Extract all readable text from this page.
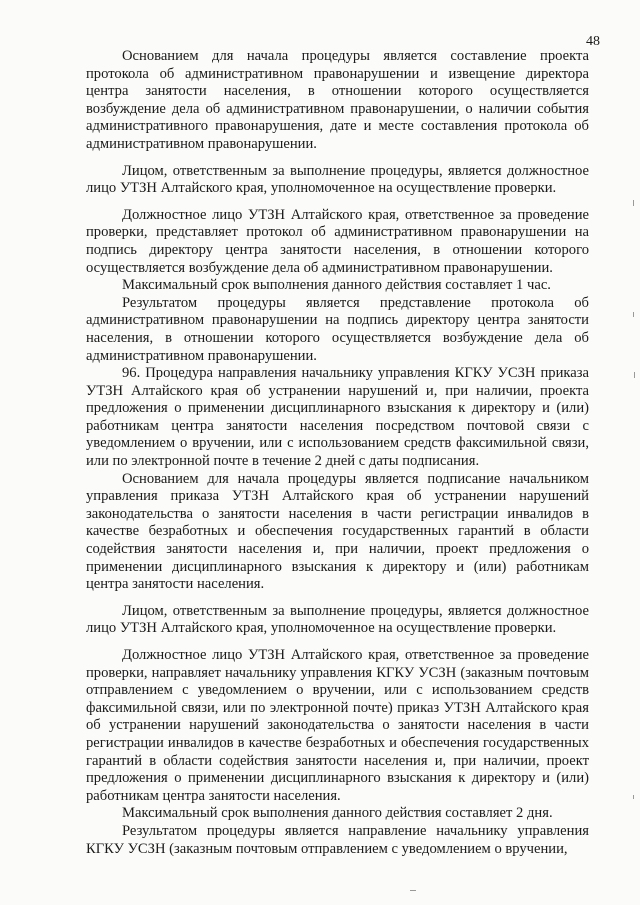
48

Основанием для начала процедуры является составление проекта протокола об административном правонарушении и извещение директора центра занятости населения, в отношении которого осуществляется возбуждение дела об административном правонарушении, о наличии события административного правонарушения, дате и месте составления протокола об административном правонарушении.

Лицом, ответственным за выполнение процедуры, является должностное лицо УТЗН Алтайского края, уполномоченное на осуществление проверки.

Должностное лицо УТЗН Алтайского края, ответственное за проведение проверки, представляет протокол об административном правонарушении на подпись директору центра занятости населения, в отношении которого осуществляется возбуждение дела об административном правонарушении.

Максимальный срок выполнения данного действия составляет 1 час.

Результатом процедуры является представление протокола об административном правонарушении на подпись директору центра занятости населения, в отношении которого осуществляется возбуждение дела об административном правонарушении.

96. Процедура направления начальнику управления КГКУ УСЗН приказа УТЗН Алтайского края об устранении нарушений и, при наличии, проекта предложения о применении дисциплинарного взыскания к директору и (или) работникам центра занятости населения посредством почтовой связи с уведомлением о вручении, или с использованием средств факсимильной связи, или по электронной почте в течение 2 дней с даты подписания.

Основанием для начала процедуры является подписание начальником управления приказа УТЗН Алтайского края об устранении нарушений законодательства о занятости населения в части регистрации инвалидов в качестве безработных и обеспечения государственных гарантий в области содействия занятости населения и, при наличии, проект предложения о применении дисциплинарного взыскания к директору и (или) работникам центра занятости населения.

Лицом, ответственным за выполнение процедуры, является должностное лицо УТЗН Алтайского края, уполномоченное на осуществление проверки.

Должностное лицо УТЗН Алтайского края, ответственное за проведение проверки, направляет начальнику управления КГКУ УСЗН (заказным почтовым отправлением с уведомлением о вручении, или с использованием средств факсимильной связи, или по электронной почте) приказ УТЗН Алтайского края об устранении нарушений законодательства о занятости населения в части регистрации инвалидов в качестве безработных и обеспечения государственных гарантий в области содействия занятости населения и, при наличии, проект предложения о применении дисциплинарного взыскания к директору и (или) работникам центра занятости населения.

Максимальный срок выполнения данного действия составляет 2 дня.

Результатом процедуры является направление начальнику управления КГКУ УСЗН (заказным почтовым отправлением с уведомлением о вручении,
